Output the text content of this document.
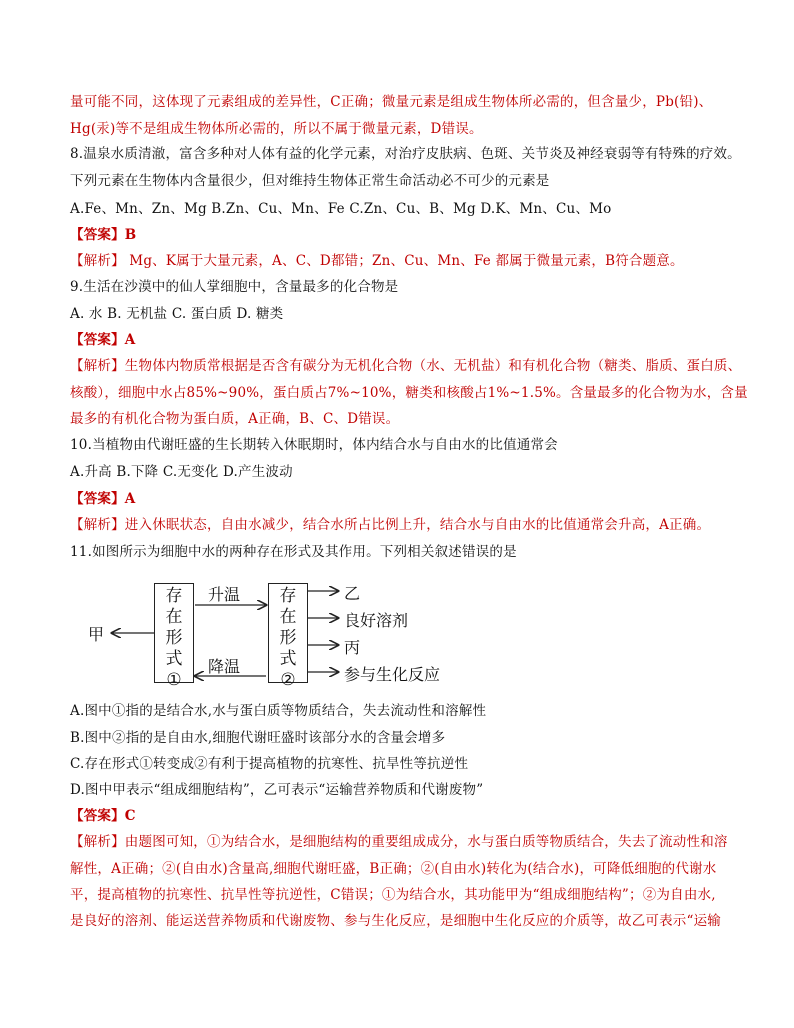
甲
存
在
形
式
①
升温
降温
存
在
形
式
②
乙
良好溶剂
丙
参与生化反应
量可能不同，这体现了元素组成的差异性，C正确；微量元素是组成生物体所必需的，但含量少，Pb(铅)、
Hg(汞)等不是组成生物体所必需的，所以不属于微量元素，D错误。
8.温泉水质清澈，富含多种对人体有益的化学元素，对治疗皮肤病、色斑、关节炎及神经衰弱等有特殊的疗效。
下列元素在生物体内含量很少，但对维持生物体正常生命活动必不可少的元素是
A.Fe、Mn、Zn、Mg B.Zn、Cu、Mn、Fe C.Zn、Cu、B、Mg D.K、Mn、Cu、Mo
【答案】B
【解析】 Mg、K属于大量元素，A、C、D都错；Zn、Cu、Mn、Fe 都属于微量元素，B符合题意。
9.生活在沙漠中的仙人掌细胞中，含量最多的化合物是
A. 水 B. 无机盐 C. 蛋白质 D. 糖类
【答案】A
【解析】生物体内物质常根据是否含有碳分为无机化合物（水、无机盐）和有机化合物（糖类、脂质、蛋白质、
核酸），细胞中水占85%~90%，蛋白质占7%~10%，糖类和核酸占1%~1.5%。含量最多的化合物为水，含量
最多的有机化合物为蛋白质，A正确，B、C、D错误。
10.当植物由代谢旺盛的生长期转入休眠期时，体内结合水与自由水的比值通常会
A.升高 B.下降 C.无变化 D.产生波动
【答案】A
【解析】进入休眠状态，自由水减少，结合水所占比例上升，结合水与自由水的比值通常会升高，A正确。
11.如图所示为细胞中水的两种存在形式及其作用。下列相关叙述错误的是
A.图中①指的是结合水,水与蛋白质等物质结合，失去流动性和溶解性
B.图中②指的是自由水,细胞代谢旺盛时该部分水的含量会增多
C.存在形式①转变成②有利于提高植物的抗寒性、抗旱性等抗逆性
D.图中甲表示“组成细胞结构”，乙可表示“运输营养物质和代谢废物”
【答案】C
【解析】由题图可知，①为结合水，是细胞结构的重要组成成分，水与蛋白质等物质结合，失去了流动性和溶
解性，A正确；②(自由水)含量高,细胞代谢旺盛，B正确；②(自由水)转化为(结合水)，可降低细胞的代谢水
平，提高植物的抗寒性、抗旱性等抗逆性，C错误；①为结合水，其功能甲为“组成细胞结构”；②为自由水,
是良好的溶剂、能运送营养物质和代谢废物、参与生化反应，是细胞中生化反应的介质等，故乙可表示“运输
